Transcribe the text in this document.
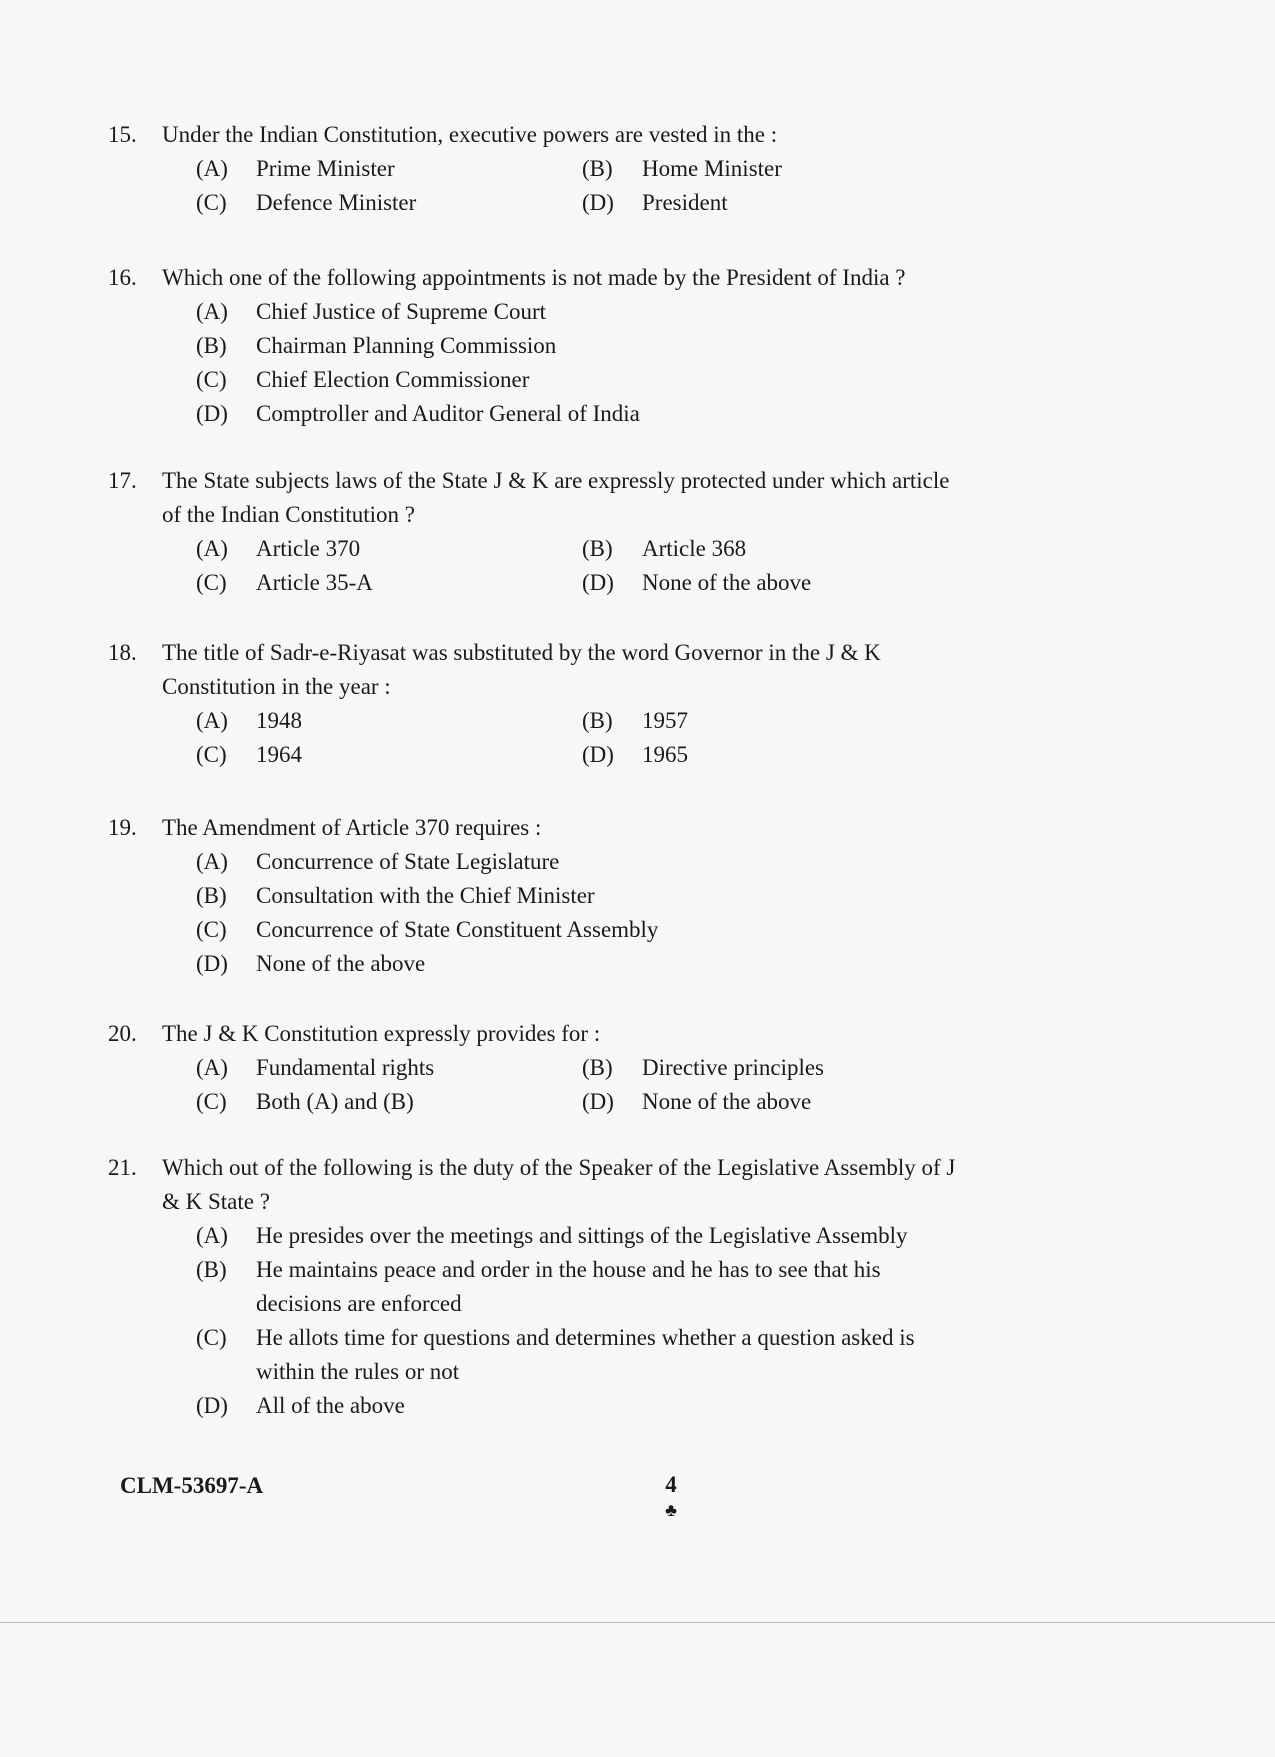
15.	Under the Indian Constitution, executive powers are vested in the :
(A)	Prime Minister	(B)	Home Minister
(C)	Defence Minister	(D)	President
16.	Which one of the following appointments is not made by the President of India ?
(A)	Chief Justice of Supreme Court
(B)	Chairman Planning Commission
(C)	Chief Election Commissioner
(D)	Comptroller and Auditor General of India
17.	The State subjects laws of the State J & K are expressly protected under which article of the Indian Constitution ?
(A)	Article 370	(B)	Article 368
(C)	Article 35-A	(D)	None of the above
18.	The title of Sadr-e-Riyasat was substituted by the word Governor in the J & K Constitution in the year :
(A)	1948	(B)	1957
(C)	1964	(D)	1965
19.	The Amendment of Article 370 requires :
(A)	Concurrence of State Legislature
(B)	Consultation with the Chief Minister
(C)	Concurrence of State Constituent Assembly
(D)	None of the above
20.	The J & K Constitution expressly provides for :
(A)	Fundamental rights	(B)	Directive principles
(C)	Both (A) and (B)	(D)	None of the above
21.	Which out of the following is the duty of the Speaker of the Legislative Assembly of J & K State ?
(A)	He presides over the meetings and sittings of the Legislative Assembly
(B)	He maintains peace and order in the house and he has to see that his decisions are enforced
(C)	He allots time for questions and determines whether a question asked is within the rules or not
(D)	All of the above
CLM-53697-A	4
♣
